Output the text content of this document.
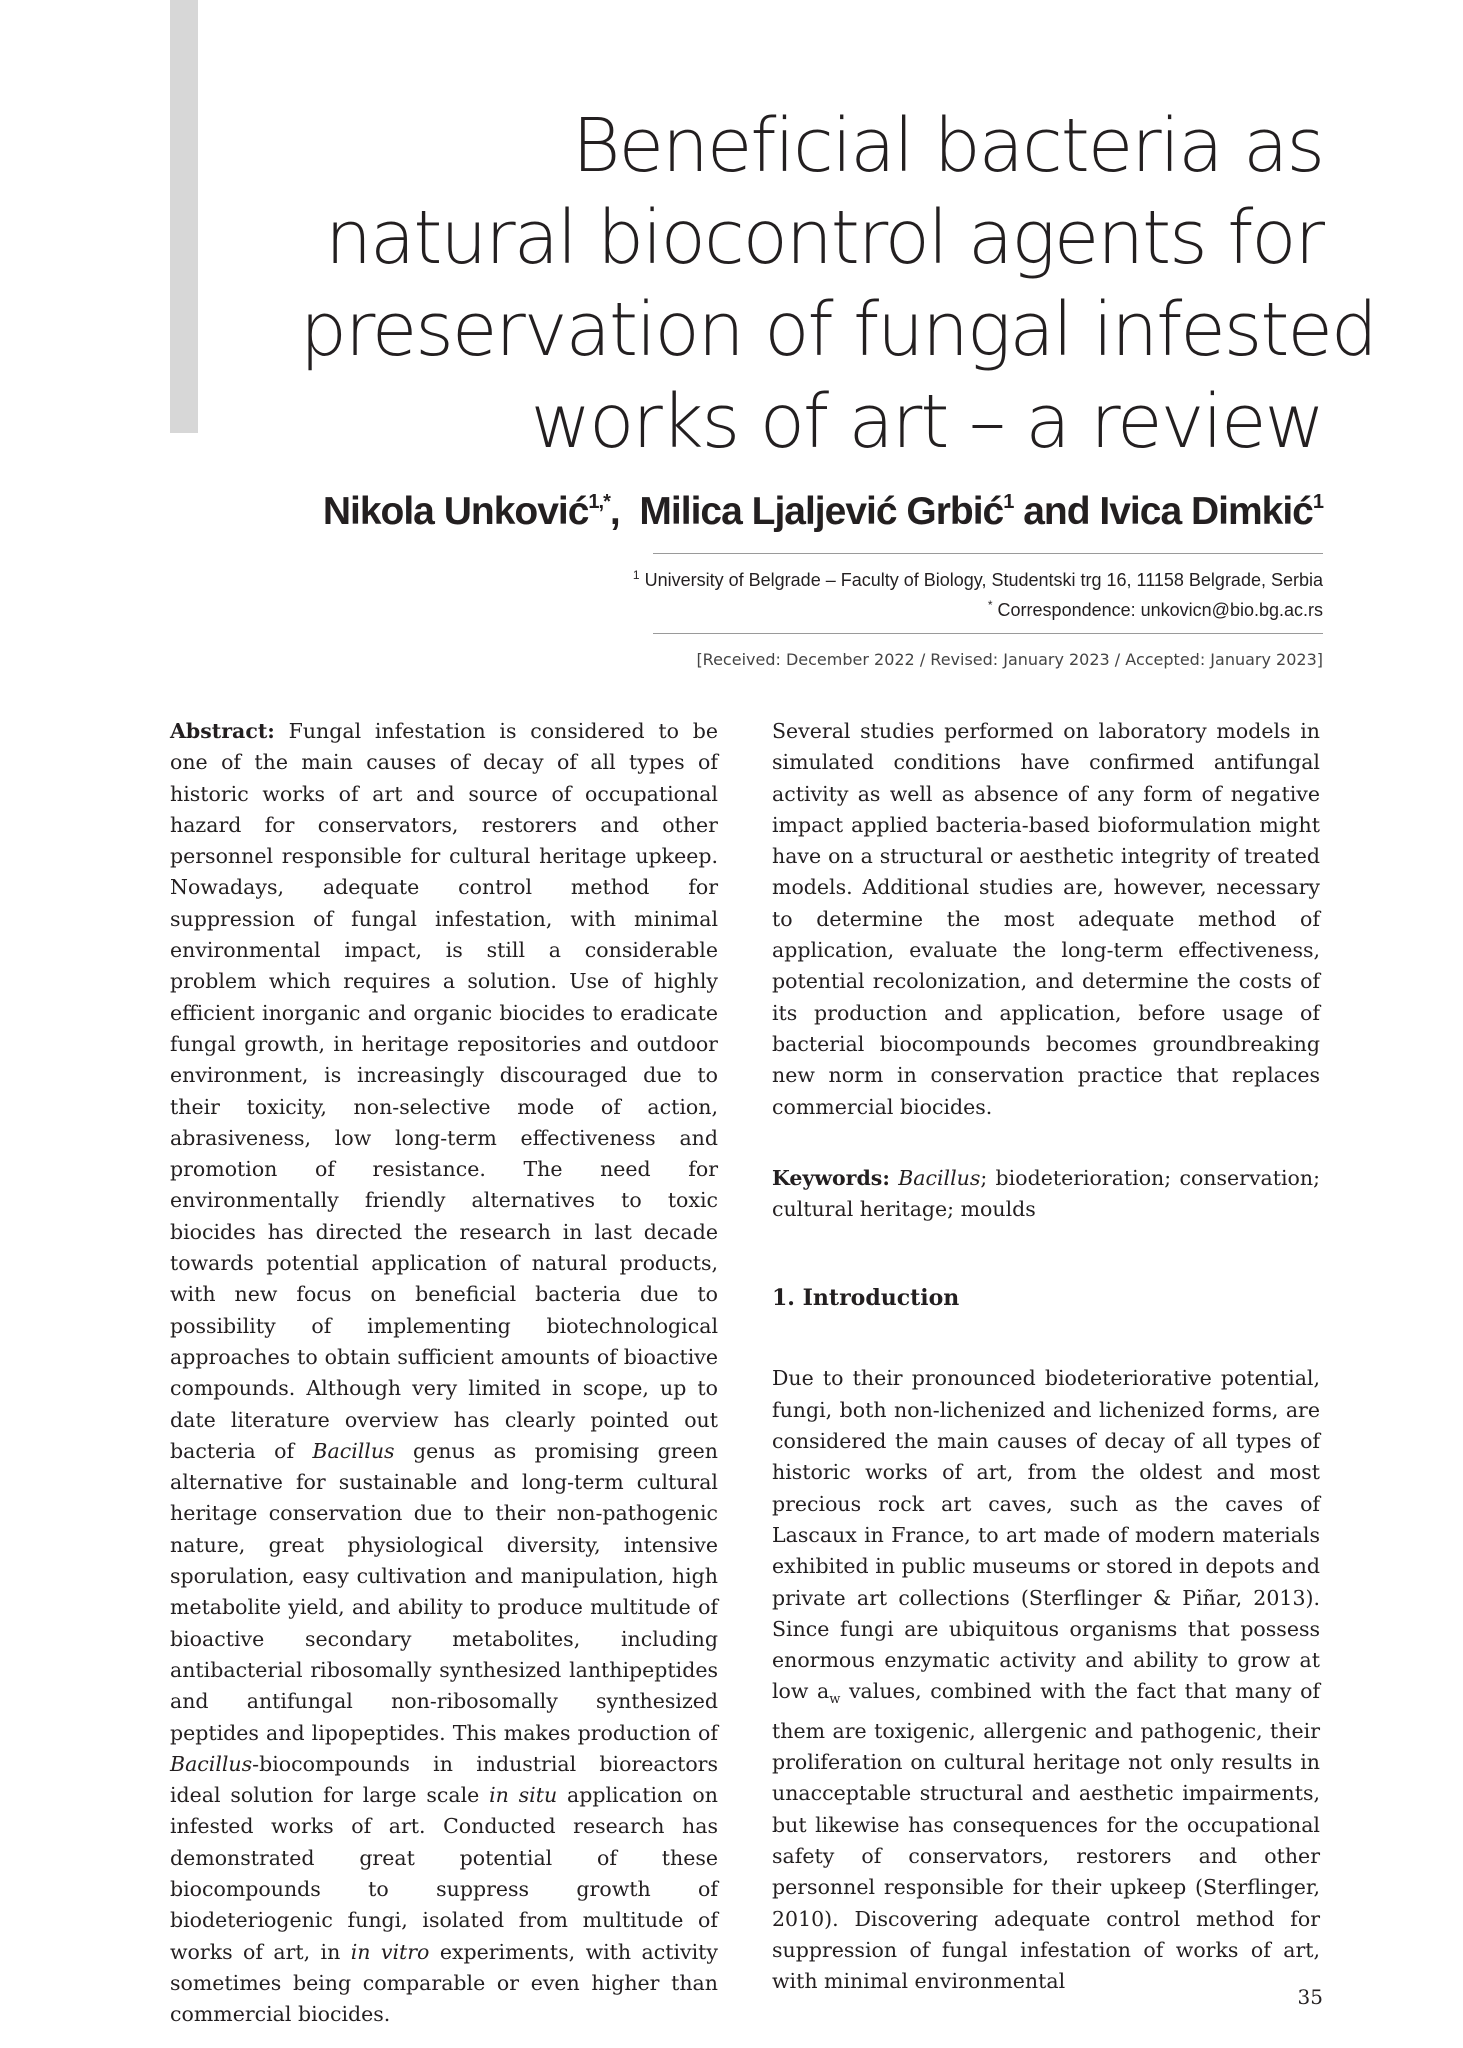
Beneficial bacteria as
natural biocontrol agents for
preservation of fungal infested
works of art – a review
Nikola Unković$^{1,*}$, Milica Ljaljević Grbić$^1$ and Ivica Dimkić$^1$
$^1$ University of Belgrade – Faculty of Biology, Studentski trg 16, 11158 Belgrade, Serbia
* Correspondence: unkovicn@bio.bg.ac.rs
[Received: December 2022 / Revised: January 2023 / Accepted: January 2023]

Abstract: Fungal infestation is considered to be one of the main causes of decay of all types of historic works of art and source of occupational hazard for conservators, restorers and other personnel responsible for cultural heritage upkeep. Nowadays, adequate control method for suppression of fungal infestation, with minimal environmental impact, is still a considerable problem which requires a solution. Use of highly efficient inorganic and organic biocides to eradicate fungal growth, in heritage repositories and outdoor environment, is increasingly discouraged due to their toxicity, non-selective mode of action, abrasiveness, low long-term effectiveness and promotion of resistance. The need for environmentally friendly alternatives to toxic biocides has directed the research in last decade towards potential application of natural products, with new focus on beneficial bacteria due to possibility of implementing biotechnological approaches to obtain sufficient amounts of bioactive compounds. Although very limited in scope, up to date literature overview has clearly pointed out bacteria of Bacillus genus as promising green alternative for sustainable and long-term cultural heritage conservation due to their non-pathogenic nature, great physiological diversity, intensive sporulation, easy cultivation and manipulation, high metabolite yield, and ability to produce multitude of bioactive secondary metabolites, including antibacterial ribosomally synthesized lanthipeptides and antifungal non-ribosomally synthesized peptides and lipopeptides. This makes production of Bacillus-biocompounds in industrial bioreactors ideal solution for large scale in situ application on infested works of art. Conducted research has demonstrated great potential of these biocompounds to suppress growth of biodeteriogenic fungi, isolated from multitude of works of art, in in vitro experiments, with activity sometimes being comparable or even higher than commercial biocides.

Several studies performed on laboratory models in simulated conditions have confirmed antifungal activity as well as absence of any form of negative impact applied bacteria-based bioformulation might have on a structural or aesthetic integrity of treated models. Additional studies are, however, necessary to determine the most adequate method of application, evaluate the long-term effectiveness, potential recolonization, and determine the costs of its production and application, before usage of bacterial biocompounds becomes groundbreaking new norm in conservation practice that replaces commercial biocides.

Keywords: Bacillus; biodeterioration; conservation; cultural heritage; moulds

1. Introduction

Due to their pronounced biodeteriorative potential, fungi, both non-lichenized and lichenized forms, are considered the main causes of decay of all types of historic works of art, from the oldest and most precious rock art caves, such as the caves of Lascaux in France, to art made of modern materials exhibited in public museums or stored in depots and private art collections (Sterflinger & Piñar, 2013). Since fungi are ubiquitous organisms that possess enormous enzymatic activity and ability to grow at low $a_w$ values, combined with the fact that many of them are toxigenic, allergenic and pathogenic, their proliferation on cultural heritage not only results in unacceptable structural and aesthetic impairments, but likewise has consequences for the occupational safety of conservators, restorers and other personnel responsible for their upkeep (Sterflinger, 2010). Discovering adequate control method for suppression of fungal infestation of works of art, with minimal environmental

35
